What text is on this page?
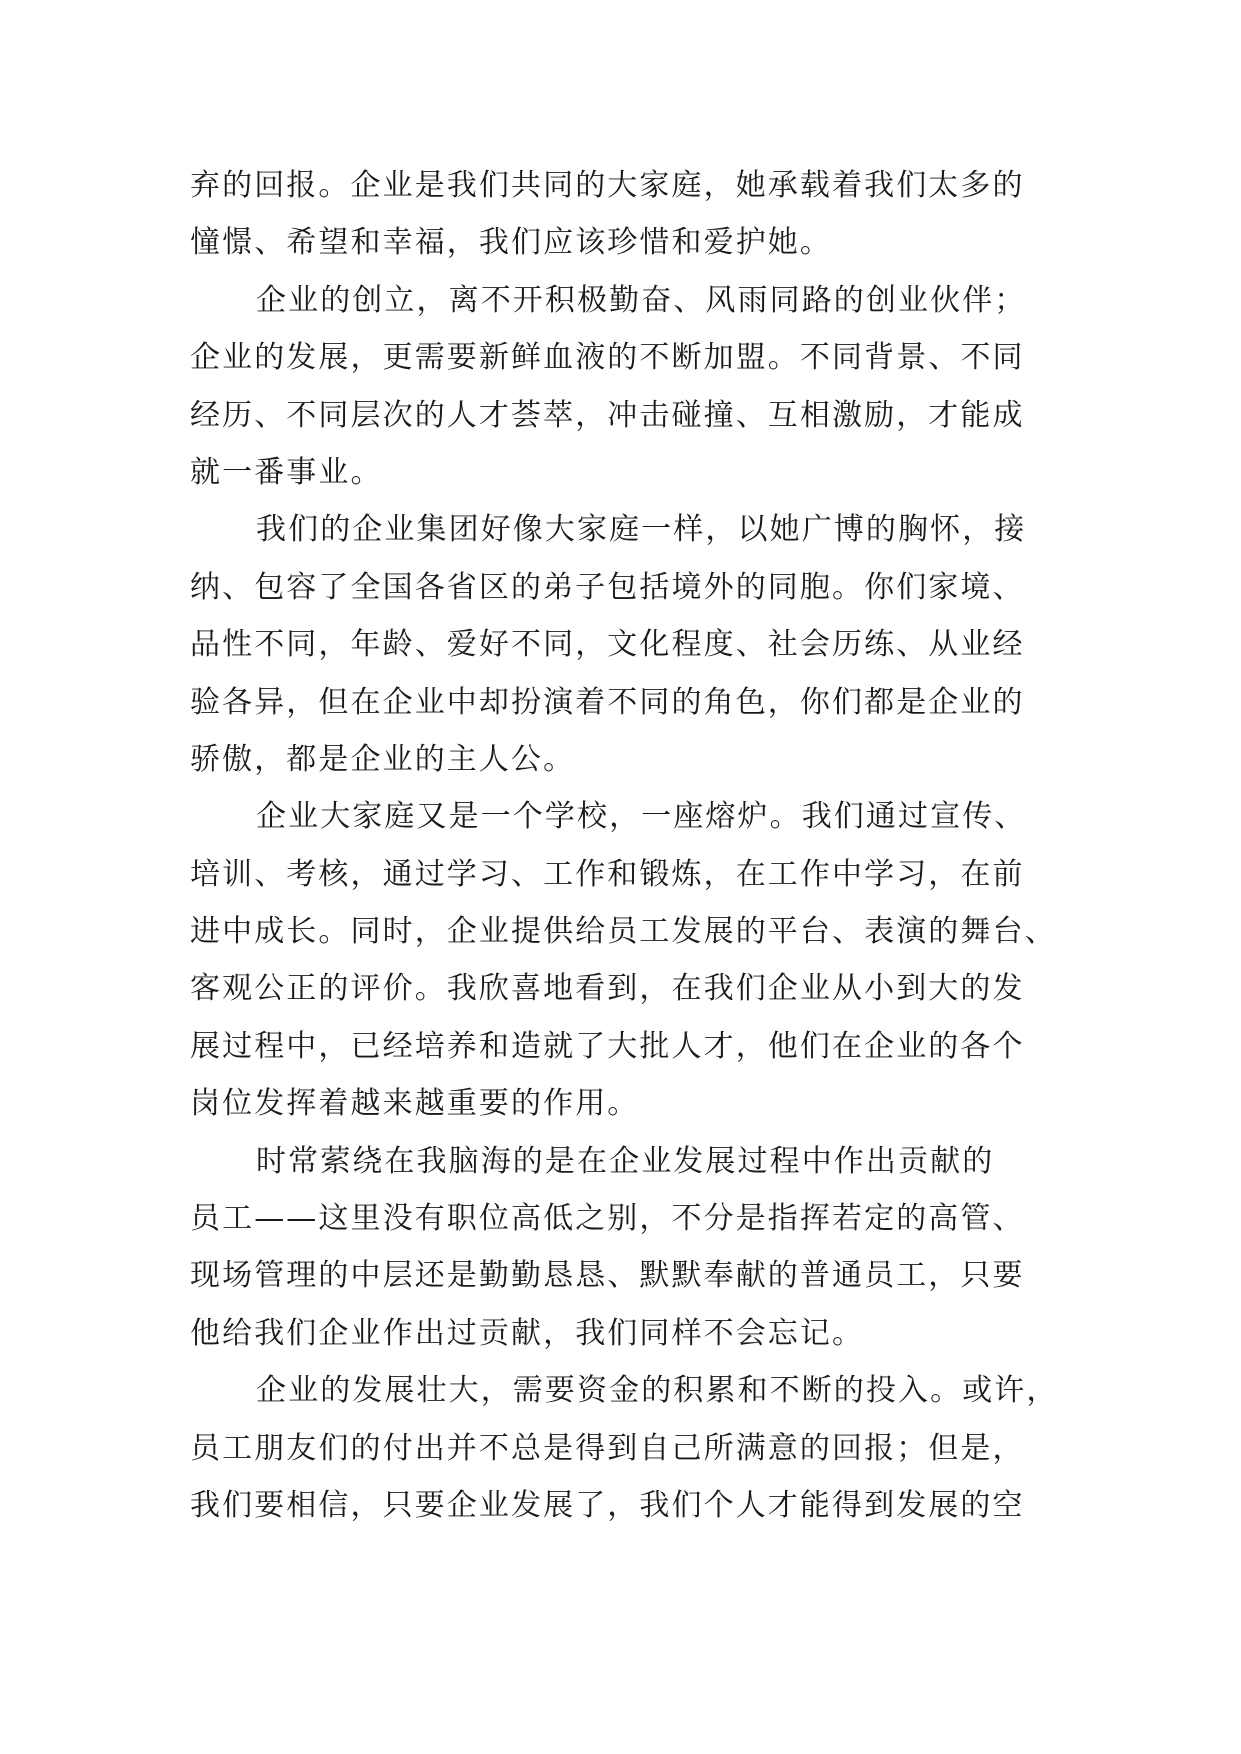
弃的回报。企业是我们共同的大家庭，她承载着我们太多的
憧憬、希望和幸福，我们应该珍惜和爱护她。
企业的创立，离不开积极勤奋、风雨同路的创业伙伴；
企业的发展，更需要新鲜血液的不断加盟。不同背景、不同
经历、不同层次的人才荟萃，冲击碰撞、互相激励，才能成
就一番事业。
我们的企业集团好像大家庭一样，以她广博的胸怀，接
纳、包容了全国各省区的弟子包括境外的同胞。你们家境、
品性不同，年龄、爱好不同，文化程度、社会历练、从业经
验各异，但在企业中却扮演着不同的角色，你们都是企业的
骄傲，都是企业的主人公。
企业大家庭又是一个学校，一座熔炉。我们通过宣传、
培训、考核，通过学习、工作和锻炼，在工作中学习，在前
进中成长。同时，企业提供给员工发展的平台、表演的舞台、
客观公正的评价。我欣喜地看到，在我们企业从小到大的发
展过程中，已经培养和造就了大批人才，他们在企业的各个
岗位发挥着越来越重要的作用。
时常萦绕在我脑海的是在企业发展过程中作出贡献的
员工——这里没有职位高低之别，不分是指挥若定的高管、
现场管理的中层还是勤勤恳恳、默默奉献的普通员工，只要
他给我们企业作出过贡献，我们同样不会忘记。
企业的发展壮大，需要资金的积累和不断的投入。或许，
员工朋友们的付出并不总是得到自己所满意的回报；但是，
我们要相信，只要企业发展了，我们个人才能得到发展的空
